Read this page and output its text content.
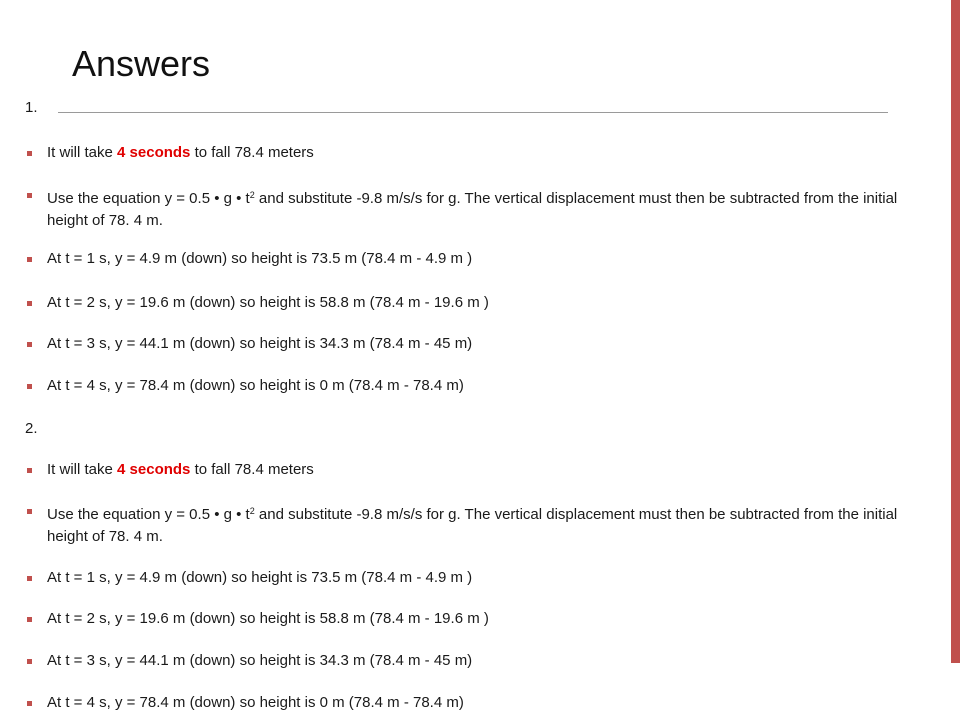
Answers
1.
It will take 4 seconds to fall 78.4 meters
Use the equation y = 0.5 • g • $t^2$ and substitute -9.8 m/s/s for g. The vertical displacement must then be subtracted from the initial height of 78. 4 m.
At t = 1 s, y = 4.9 m (down) so height is 73.5 m (78.4 m - 4.9 m )
At t = 2 s, y = 19.6 m (down) so height is 58.8 m (78.4 m - 19.6 m )
At t = 3 s, y = 44.1 m (down) so height is 34.3 m (78.4 m - 45 m)
At t = 4 s, y = 78.4 m (down) so height is 0 m (78.4 m - 78.4 m)
2.
It will take 4 seconds to fall 78.4 meters
Use the equation y = 0.5 • g • $t^2$ and substitute -9.8 m/s/s for g. The vertical displacement must then be subtracted from the initial height of 78. 4 m.
At t = 1 s, y = 4.9 m (down) so height is 73.5 m (78.4 m - 4.9 m )
At t = 2 s, y = 19.6 m (down) so height is 58.8 m (78.4 m - 19.6 m )
At t = 3 s, y = 44.1 m (down) so height is 34.3 m (78.4 m - 45 m)
At t = 4 s, y = 78.4 m (down) so height is 0 m (78.4 m - 78.4 m)
